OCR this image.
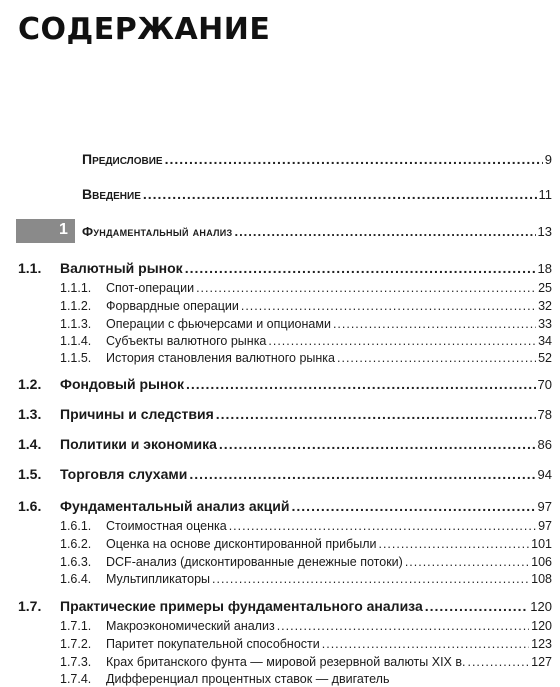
СОДЕРЖАНИЕ
Предисловие .....	9
Введение .....	11
1 Фундаментальный анализ .....	13
1.1.	Валютный рынок .....	18
1.1.1.	Спот-операции .....	25
1.1.2.	Форвардные операции .....	32
1.1.3.	Операции с фьючерсами и опционами .....	33
1.1.4.	Субъекты валютного рынка .....	34
1.1.5.	История становления валютного рынка .....	52
1.2.	Фондовый рынок .....	70
1.3.	Причины и следствия .....	78
1.4.	Политики и экономика .....	86
1.5.	Торговля слухами .....	94
1.6.	Фундаментальный анализ акций .....	97
1.6.1.	Стоимостная оценка .....	97
1.6.2.	Оценка на основе дисконтированной прибыли .....	101
1.6.3.	DCF-анализ (дисконтированные денежные потоки) .....	106
1.6.4.	Мультипликаторы .....	108
1.7.	Практические примеры фундаментального анализа .....	120
1.7.1.	Макроэкономический анализ .....	120
1.7.2.	Паритет покупательной способности .....	123
1.7.3.	Крах британского фунта — мировой резервной валюты XIX в. .....	127
1.7.4.	Дифференциал процентных ставок — двигатель
